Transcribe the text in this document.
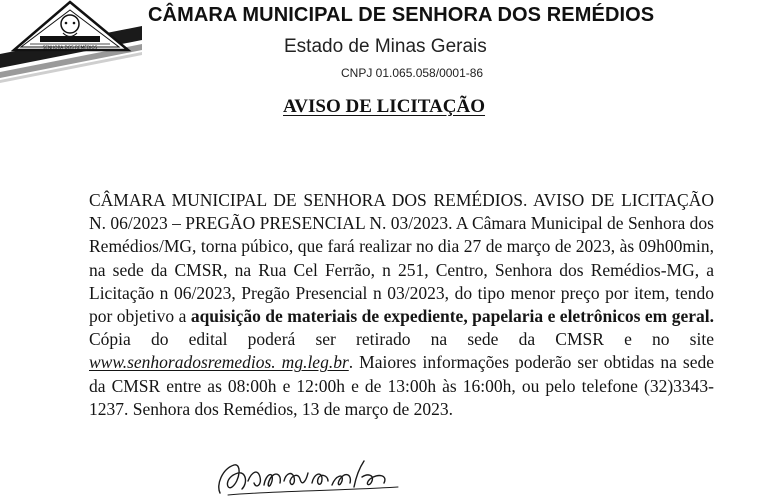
SENHORA DOS REMÉDIOS
CÂMARA MUNICIPAL DE SENHORA DOS REMÉDIOS
Estado de Minas Gerais
CNPJ 01.065.058/0001-86
AVISO DE LICITAÇÃO

CÂMARA MUNICIPAL DE SENHORA DOS REMÉDIOS. AVISO DE LICITAÇÃO N. 06/2023 – PREGÃO PRESENCIAL N. 03/2023. A Câmara Municipal de Senhora dos Remédios/MG, torna púbico, que fará realizar no dia 27 de março de 2023, às 09h00min, na sede da CMSR, na Rua Cel Ferrão, n 251, Centro, Senhora dos Remédios-MG, a Licitação n 06/2023, Pregão Presencial n 03/2023, do tipo menor preço por item, tendo por objetivo a aquisição de materiais de expediente, papelaria e eletrônicos em geral. Cópia do edital poderá ser retirado na sede da CMSR e no site www.senhoradosremedios. mg.leg.br. Maiores informações poderão ser obtidas na sede da CMSR entre as 08:00h e 12:00h e de 13:00h às 16:00h, ou pelo telefone (32)3343-1237. Senhora dos Remédios, 13 de março de 2023.
